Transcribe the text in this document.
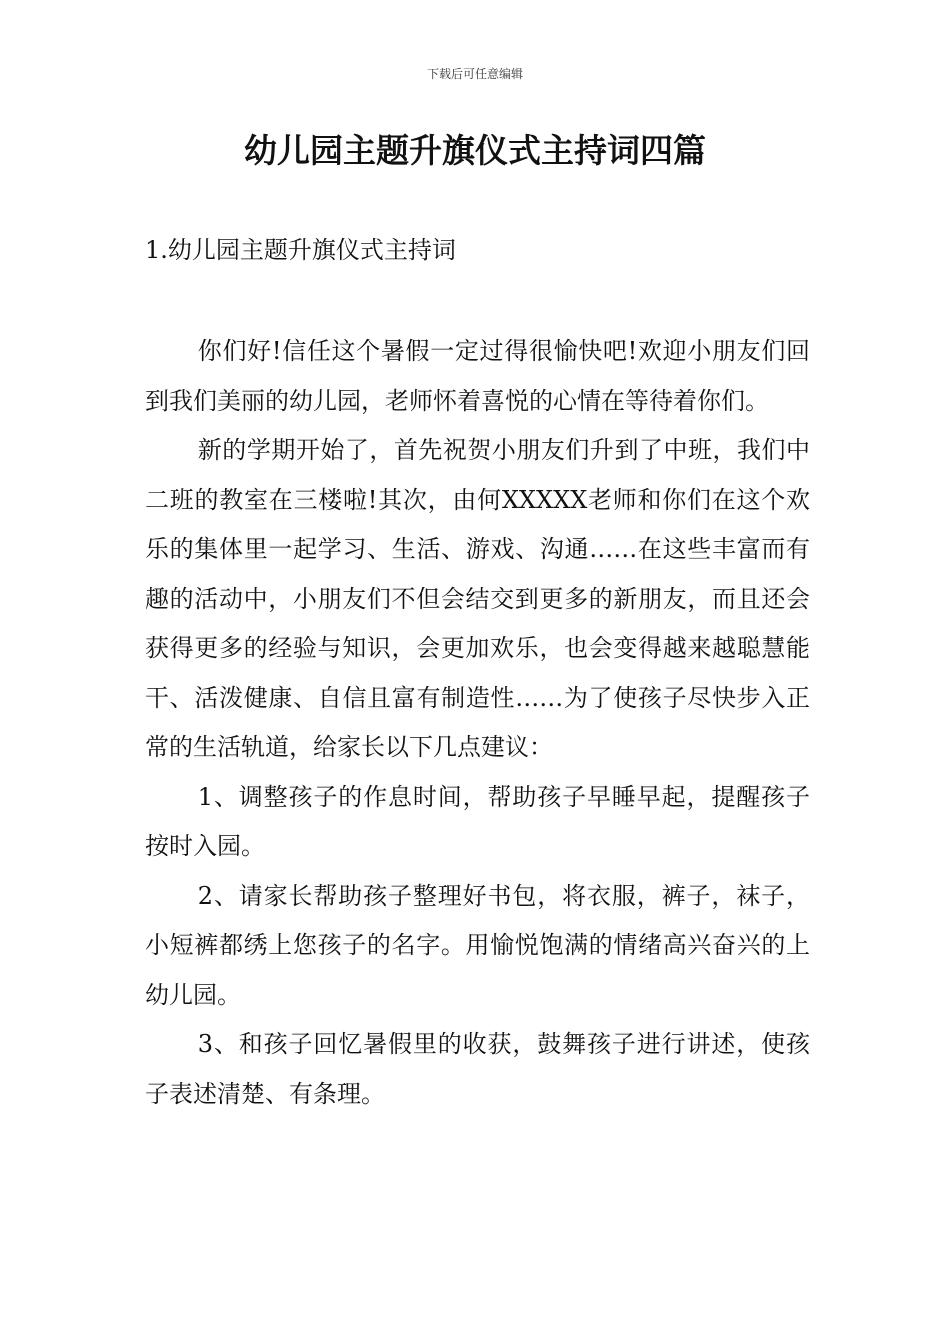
下载后可任意编辑
幼儿园主题升旗仪式主持词四篇
1.幼儿园主题升旗仪式主持词

你们好!信任这个暑假一定过得很愉快吧!欢迎小朋友们回到我们美丽的幼儿园，老师怀着喜悦的心情在等待着你们。

新的学期开始了，首先祝贺小朋友们升到了中班，我们中二班的教室在三楼啦!其次，由何XXXXX老师和你们在这个欢乐的集体里一起学习、生活、游戏、沟通……在这些丰富而有趣的活动中，小朋友们不但会结交到更多的新朋友，而且还会获得更多的经验与知识，会更加欢乐，也会变得越来越聪慧能干、活泼健康、自信且富有制造性……为了使孩子尽快步入正常的生活轨道，给家长以下几点建议：

1、调整孩子的作息时间，帮助孩子早睡早起，提醒孩子按时入园。

2、请家长帮助孩子整理好书包，将衣服，裤子，袜子，小短裤都绣上您孩子的名字。用愉悦饱满的情绪高兴奋兴的上幼儿园。

3、和孩子回忆暑假里的收获，鼓舞孩子进行讲述，使孩子表述清楚、有条理。
